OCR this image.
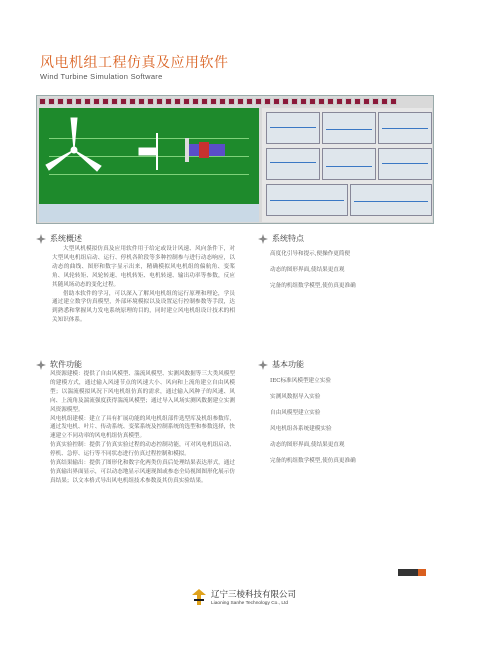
风电机组工程仿真及应用软件
Wind Turbine Simulation Software
系统概述

大型风机模拟仿真及应用软件用于给定或设计风速、风向条件下，对大型风电机组启动、运行、停机各阶段等多种控制参与进行动态响应，以动态的曲线、图形和数字显示出来，精确模拟风电机组的偏航角、变桨角、风轮转矩、风轮转速、电机转矩、电机转速、输出功率等参数，反应其随风场动态的变化过程。

借助本软件的学习，可以深入了解风电机组的运行原理和理论，学员通过建立数学仿真模型，外部环境模拟以及设置运行控制参数等手段，达到熟悉和掌握风力发电系统原理的目的，同时建立风电机组设计技术的相关知识体系。

软件功能

风资源建模：提供了自由风模型、湍流风模型、实测风数据等三大类风模型的建模方式，通过输入风速节点的风速大小、风向和上流角建立自由风模型；以湍流模拟风况下风电机组仿真的需求，通过输入风种子的风速、风向、上流角及湍流强度获得湍流风模型；通过导入风场实测风数据建立实测风资源模型。

风电机组建模：建立了具有扩展功能的风电机组部件选型库及机组参数库，通过发电机、叶片、传动系统、变桨系统及控制系统的选型和参数选择，快速建立不同功率的风电机组仿真模型。

仿真实验控制：提供了仿真实验过程的动态控制功能，可对风电机组启动、停机、急停、运行等不同状态进行仿真过程控制和模拟。

仿真结果输出：提供了图形化和数字化两类仿真后处理结果表达形式，通过仿真输出界面显示，可以动态地显示风速现图或参态全局视图图形化展示仿真结果；以文本格式导出风电机组技术参数及其仿真实验结果。

系统特点
高度化引导和提示,便操作更简便
动态的图形界面,使结果更直观
完备的机组数学模型,使仿真更准确
基本功能
IEC标准风模型建立实验
实测风数据导入实验
自由风模型建立实验
风电机组各系统建模实验
动态的图形界面,使结果更直观
完备的机组数学模型,使仿真更准确
辽宁三棱科技有限公司
Liaoning Sanhe Technology Co., Ltd
